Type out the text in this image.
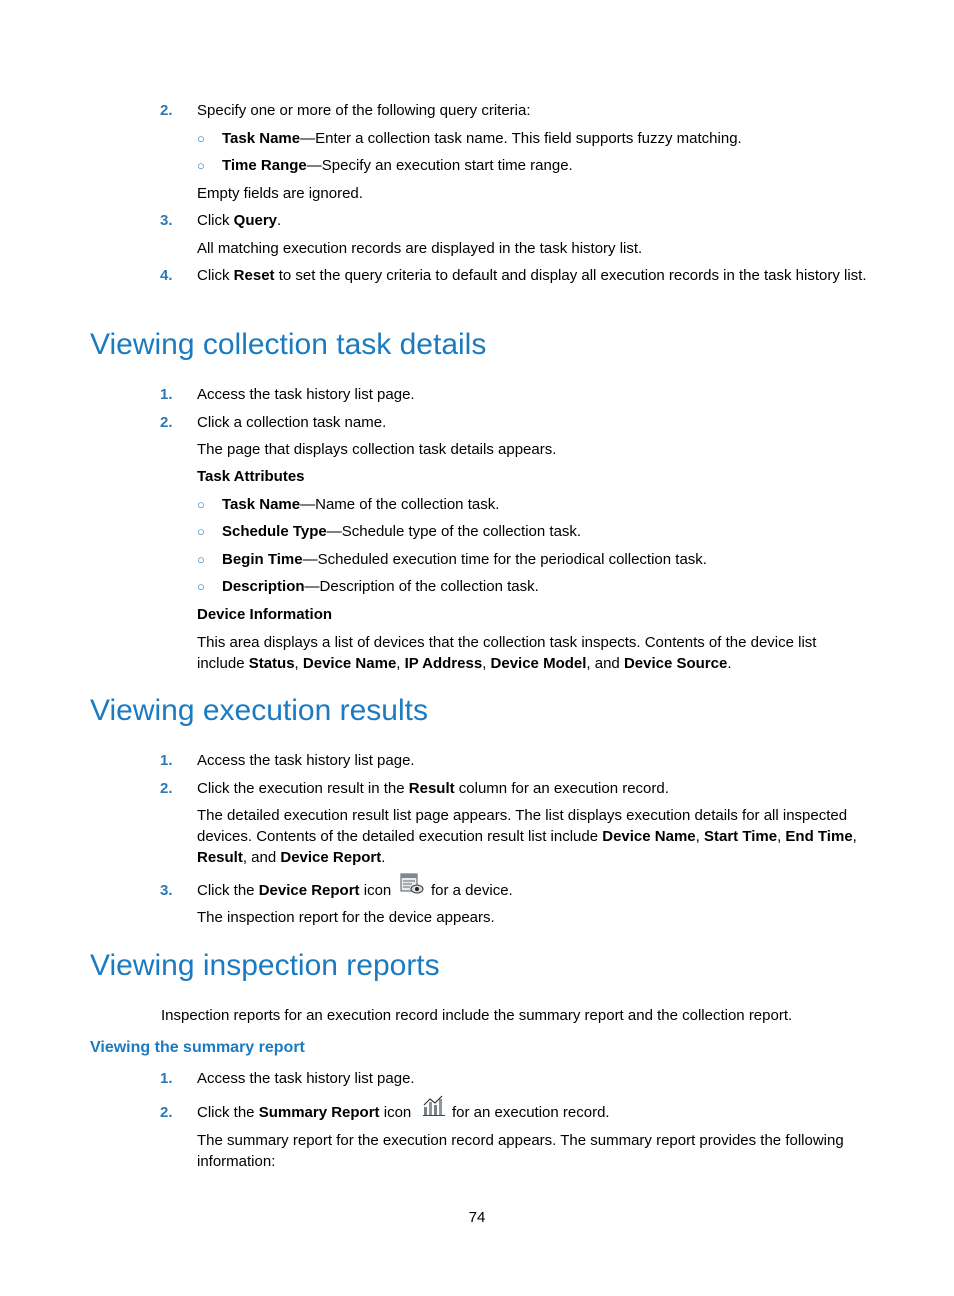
2.	Specify one or more of the following query criteria:
○ Task Name—Enter a collection task name. This field supports fuzzy matching.
○ Time Range—Specify an execution start time range.
Empty fields are ignored.
3.	Click Query.
All matching execution records are displayed in the task history list.
4.	Click Reset to set the query criteria to default and display all execution records in the task history list.
Viewing collection task details
1.	Access the task history list page.
2.	Click a collection task name.
The page that displays collection task details appears.
Task Attributes
○ Task Name—Name of the collection task.
○ Schedule Type—Schedule type of the collection task.
○ Begin Time—Scheduled execution time for the periodical collection task.
○ Description—Description of the collection task.
Device Information
This area displays a list of devices that the collection task inspects. Contents of the device list include Status, Device Name, IP Address, Device Model, and Device Source.
Viewing execution results
1.	Access the task history list page.
2.	Click the execution result in the Result column for an execution record.
The detailed execution result list page appears. The list displays execution details for all inspected devices. Contents of the detailed execution result list include Device Name, Start Time, End Time, Result, and Device Report.
3.	Click the Device Report icon	for a device.
The inspection report for the device appears.
Viewing inspection reports
Inspection reports for an execution record include the summary report and the collection report.
Viewing the summary report
1.	Access the task history list page.
2.	Click the Summary Report icon	for an execution record.
The summary report for the execution record appears. The summary report provides the following information:
74
